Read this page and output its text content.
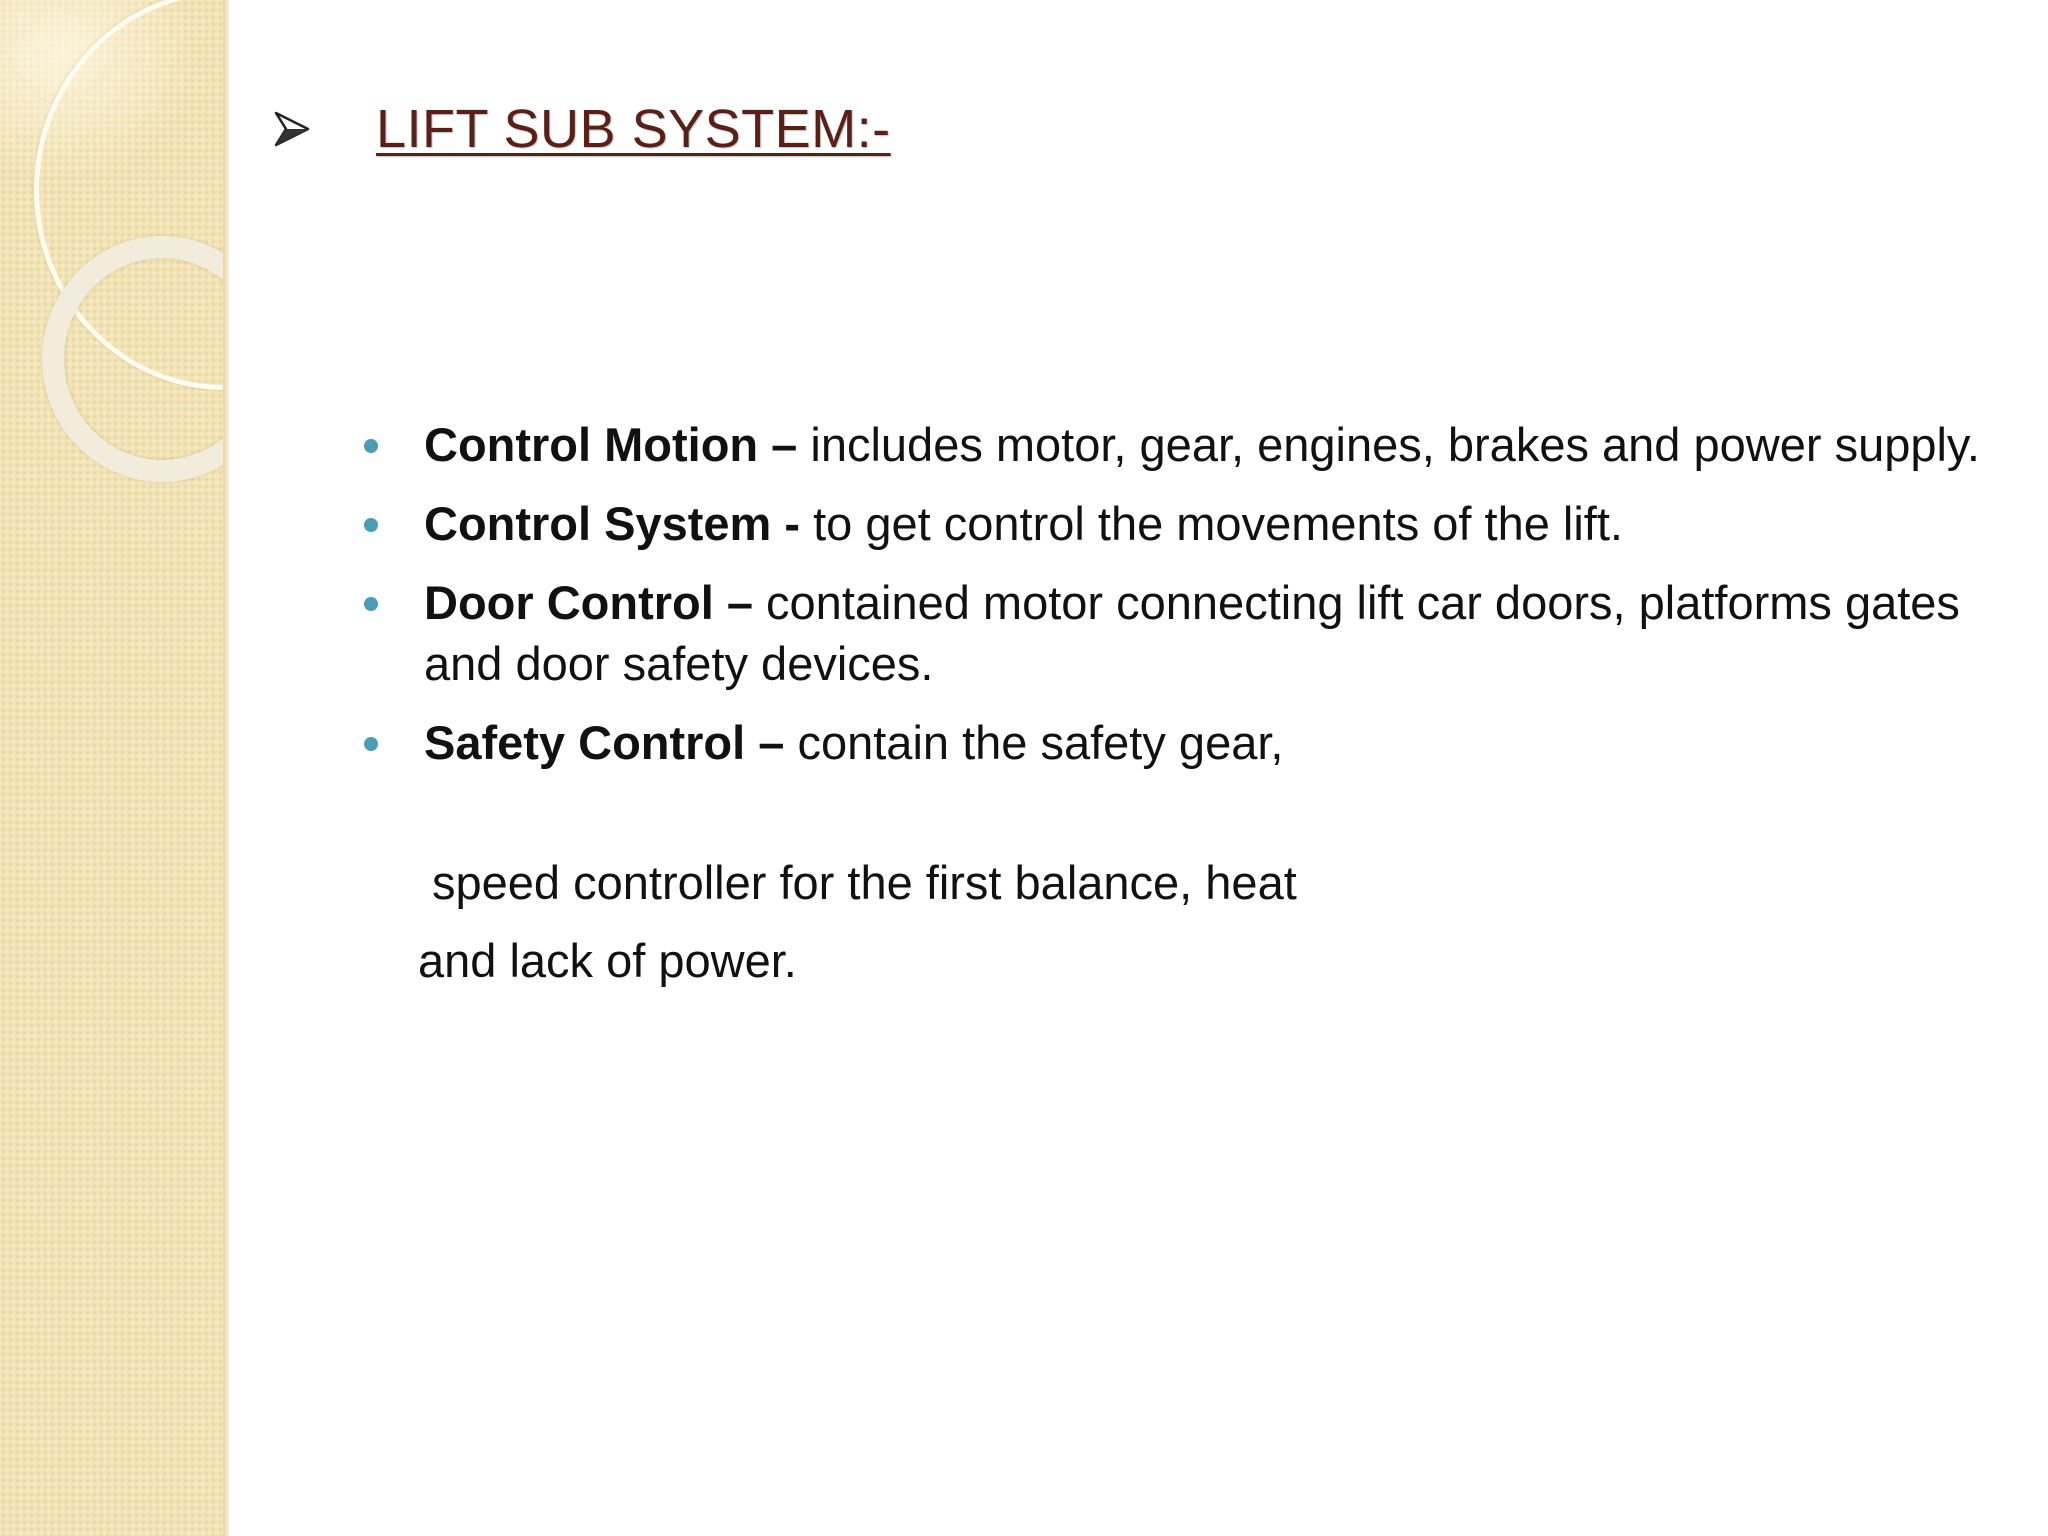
LIFT SUB SYSTEM:-
Control Motion – includes motor, gear, engines, brakes and power supply.
Control System - to get control the movements of the lift.
Door Control – contained motor connecting lift car doors, platforms gates and door safety devices.
Safety Control – contain the safety gear,
speed controller for the first balance, heat
and lack of power.
